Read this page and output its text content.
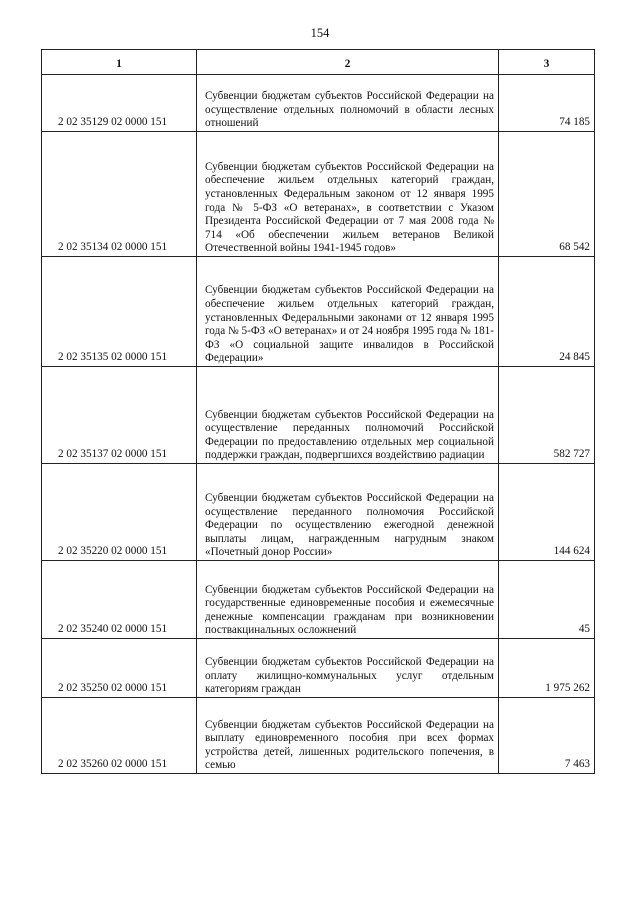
154
1	2	3
2 02 35129 02 0000 151	Субвенции бюджетам субъектов Российской Федерации на осуществление отдельных полномочий в области лесных отношений	74 185
2 02 35134 02 0000 151	Субвенции бюджетам субъектов Российской Федерации на обеспечение жильем отдельных категорий граждан, установленных Федеральным законом от 12 января 1995 года № 5-ФЗ «О ветеранах», в соответствии с Указом Президента Российской Федерации от 7 мая 2008 года № 714 «Об обеспечении жильем ветеранов Великой Отечественной войны 1941-1945 годов»	68 542
2 02 35135 02 0000 151	Субвенции бюджетам субъектов Российской Федерации на обеспечение жильем отдельных категорий граждан, установленных Федеральными законами от 12 января 1995 года № 5-ФЗ «О ветеранах» и от 24 ноября 1995 года № 181-ФЗ «О социальной защите инвалидов в Российской Федерации»	24 845
2 02 35137 02 0000 151	Субвенции бюджетам субъектов Российской Федерации на осуществление переданных полномочий Российской Федерации по предоставлению отдельных мер социальной поддержки граждан, подвергшихся воздействию радиации	582 727
2 02 35220 02 0000 151	Субвенции бюджетам субъектов Российской Федерации на осуществление переданного полномочия Российской Федерации по осуществлению ежегодной денежной выплаты лицам, награжденным нагрудным знаком «Почетный донор России»	144 624
2 02 35240 02 0000 151	Субвенции бюджетам субъектов Российской Федерации на государственные единовременные пособия и ежемесячные денежные компенсации гражданам при возникновении поствакцинальных осложнений	45
2 02 35250 02 0000 151	Субвенции бюджетам субъектов Российской Федерации на оплату жилищно-коммунальных услуг отдельным категориям граждан	1 975 262
2 02 35260 02 0000 151	Субвенции бюджетам субъектов Российской Федерации на выплату единовременного пособия при всех формах устройства детей, лишенных родительского попечения, в семью	7 463
